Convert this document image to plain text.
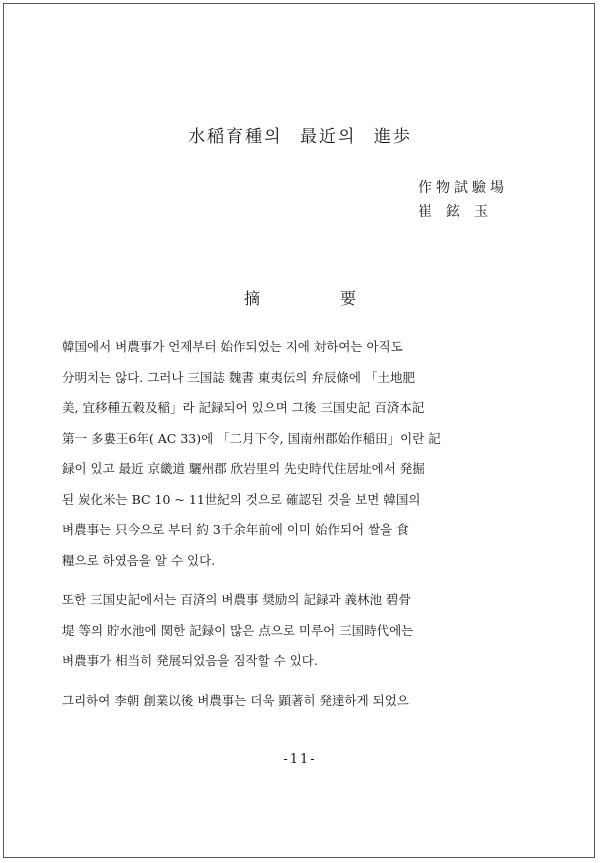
水稲育種의 最近의 進歩
作物試驗場
崔鉉玉
摘要
韓国에서 벼農事가 언제부터 始作되었는 지에 対하여는 아직도
分明치는 않다. 그러나 三国誌 魏書 東夷伝의 弁辰條에 「土地肥
美, 宜移種五穀及稲」라 記録되어 있으며 그後 三国史記 百済本記
第一 多婁王6年( AC 33)에 「二月下令, 国南州郡始作稲田」이란 記
録이 있고 最近 京畿道 驪州郡 欣岩里의 先史時代住居址에서 発掘
된 炭化米는 BC 10 ~ 11世紀의 것으로 確認된 것을 보면 韓国의
벼農事는 只今으로 부터 約 3千余年前에 이미 始作되어 쌀을 食
糧으로 하였음을 알 수 있다.
또한 三国史記에서는 百済의 벼農事 奨励의 記録과 義林池 碧骨
堤 等의 貯水池에 関한 記録이 많은 点으로 미루어 三国時代에는
벼農事가 相当히 発展되었음을 짐작할 수 있다.
그리하여 李朝 創業以後 벼農事는 더욱 顕著히 発達하게 되었으
-11-
